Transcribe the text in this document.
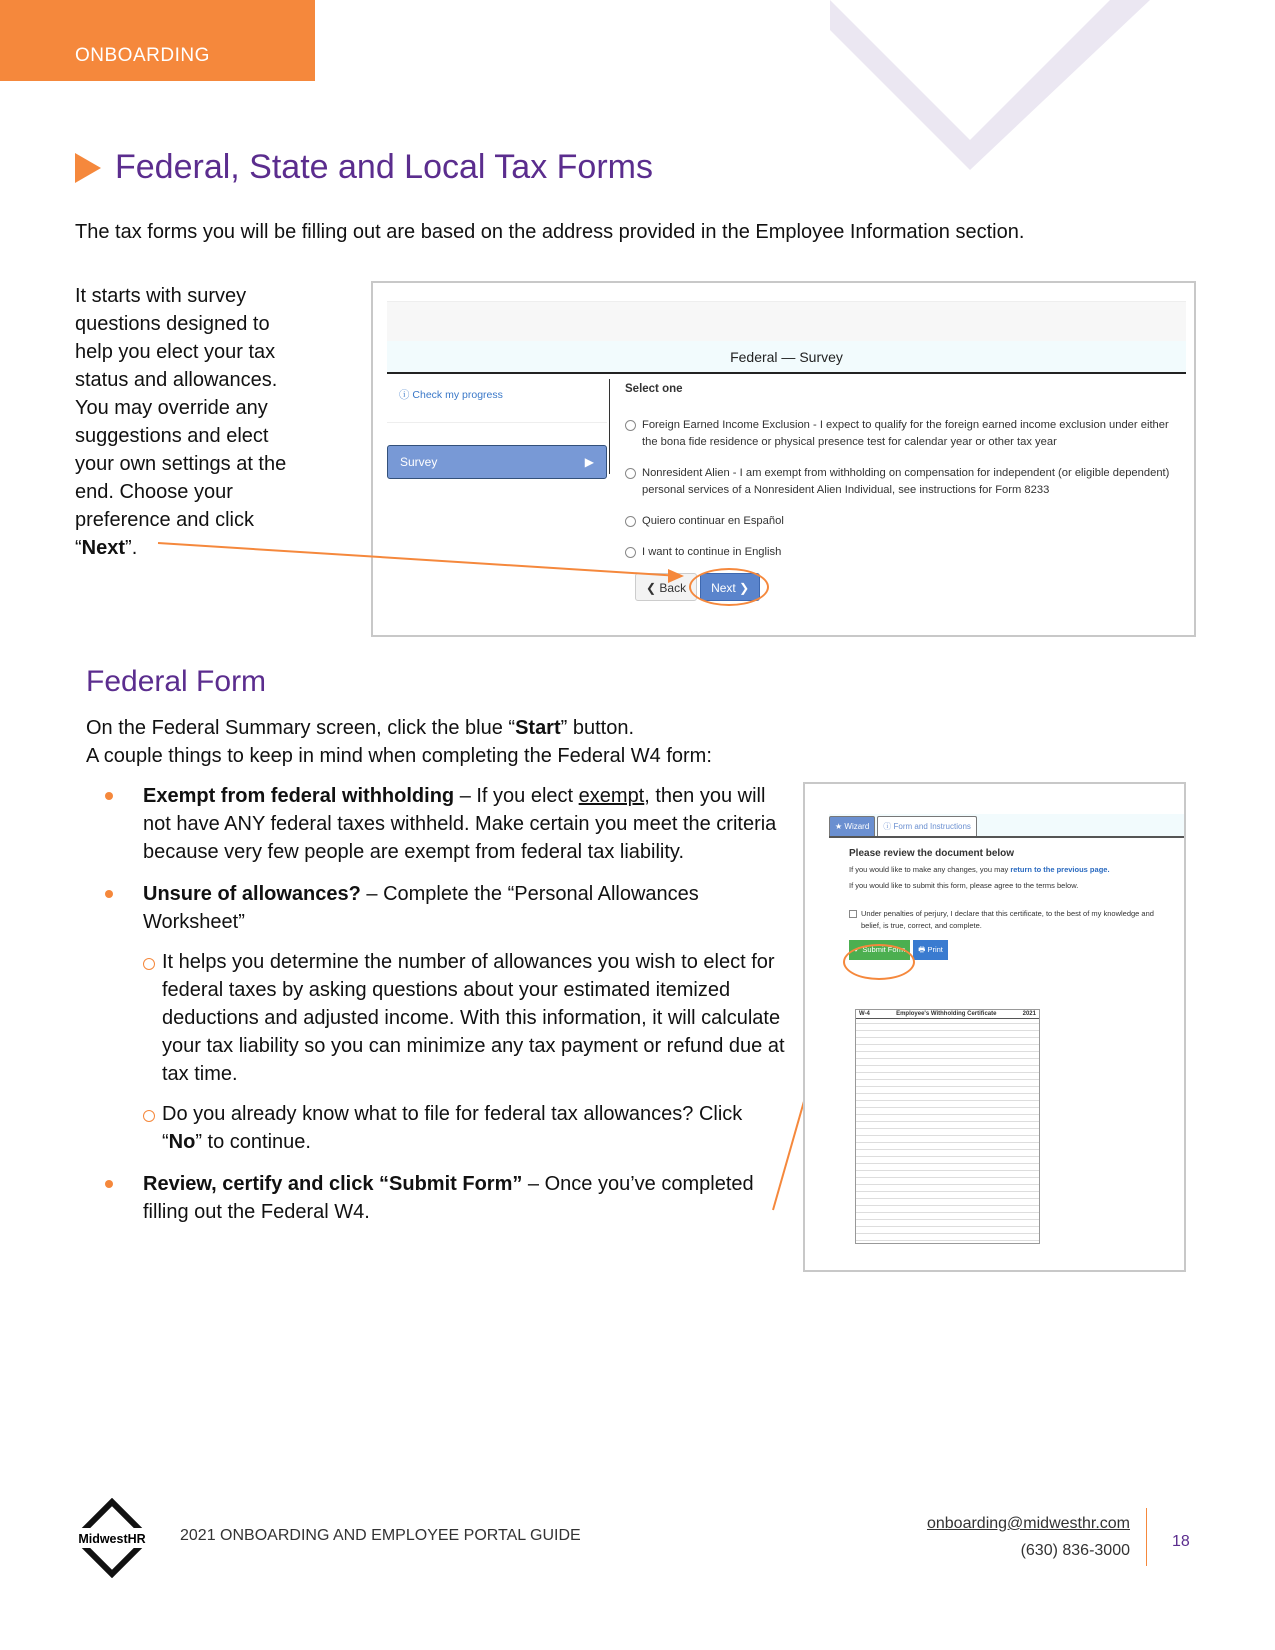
ONBOARDING
Federal, State and Local Tax Forms
The tax forms you will be filling out are based on the address provided in the Employee Information section.
It starts with survey questions designed to help you elect your tax status and allowances. You may override any suggestions and elect your own settings at the end. Choose your preference and click “Next”.
Federal — Survey
ⓘ Check my progress
Survey	▶
Select one
Foreign Earned Income Exclusion - I expect to qualify for the foreign earned income exclusion under either the bona fide residence or physical presence test for calendar year or other tax year
Nonresident Alien - I am exempt from withholding on compensation for independent (or eligible dependent) personal services of a Nonresident Alien Individual, see instructions for Form 8233
Quiero continuar en Español
I want to continue in English
❮ Back	Next ❯
Federal Form
On the Federal Summary screen, click the blue “Start” button.
A couple things to keep in mind when completing the Federal W4 form:
Exempt from federal withholding – If you elect exempt, then you will not have ANY federal taxes withheld. Make certain you meet the criteria because very few people are exempt from federal tax liability.
Unsure of allowances? – Complete the “Personal Allowances Worksheet”
It helps you determine the number of allowances you wish to elect for federal taxes by asking questions about your estimated itemized deductions and adjusted income. With this information, it will calculate your tax liability so you can minimize any tax payment or refund due at tax time.
Do you already know what to file for federal tax allowances? Click “No” to continue.
Review, certify and click “Submit Form” – Once you’ve completed filling out the Federal W4.
★ Wizard	ⓘ Form and Instructions
Please review the document below
If you would like to make any changes, you may return to the previous page.
If you would like to submit this form, please agree to the terms below.
Under penalties of perjury, I declare that this certificate, to the best of my knowledge and belief, is true, correct, and complete.
✔ Submit Form	🖶 Print
W-4	Employee's Withholding Certificate	2021
MidwestHR 2021 ONBOARDING AND EMPLOYEE PORTAL GUIDE
onboarding@midwesthr.com
(630) 836-3000
18
